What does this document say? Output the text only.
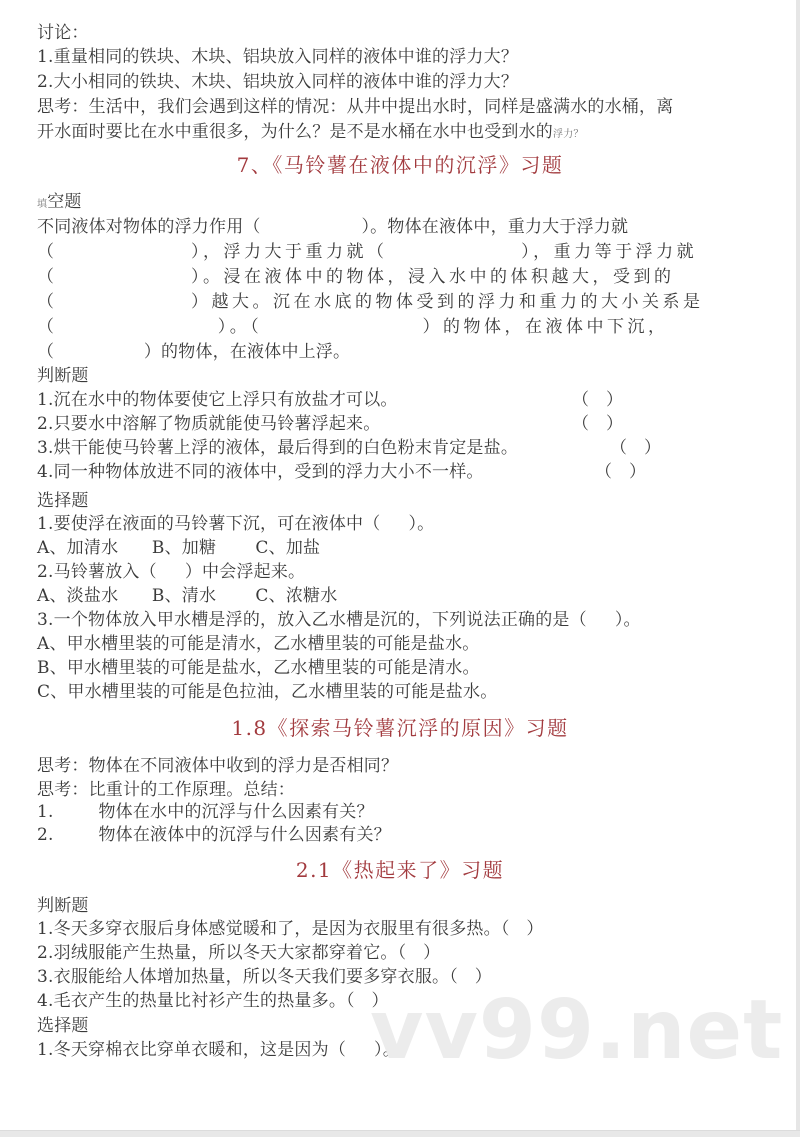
讨论：
1.重量相同的铁块、木块、铝块放入同样的液体中谁的浮力大？
2.大小相同的铁块、木块、铝块放入同样的液体中谁的浮力大？
思考：生活中，我们会遇到这样的情况：从井中提出水时，同样是盛满水的水桶，离
开水面时要比在水中重很多，为什么？是不是水桶在水中也受到水的浮力？
7、《马铃薯在液体中的沉浮》习题
填空题
不同液体对物体的浮力作用（                  ）。物体在液体中，重力大于浮力就
（               ），浮力大于重力就（               ），重力等于浮力就
（               ）。浸在液体中的物体，浸入水中的体积越大，受到的
（               ）越大。沉在水底的物体受到的浮力和重力的大小关系是
（                  ）。（                  ）的物体，在液体中下沉，
（                ）的物体，在液体中上浮。
判断题
1.沉在水中的物体要使它上浮只有放盐才可以。	（   ）
2.只要水中溶解了物质就能使马铃薯浮起来。	（   ）
3.烘干能使马铃薯上浮的液体，最后得到的白色粉末肯定是盐。	（   ）
4.同一种物体放进不同的液体中，受到的浮力大小不一样。	（   ）
选择题
1.要使浮在液面的马铃薯下沉，可在液体中（     ）。
A、加清水      B、加糖       C、加盐
2.马铃薯放入（     ）中会浮起来。
A、淡盐水      B、清水       C、浓糖水
3.一个物体放入甲水槽是浮的，放入乙水槽是沉的，下列说法正确的是（     ）。
A、甲水槽里装的可能是清水，乙水槽里装的可能是盐水。
B、甲水槽里装的可能是盐水，乙水槽里装的可能是清水。
C、甲水槽里装的可能是色拉油，乙水槽里装的可能是盐水。
1.8《探索马铃薯沉浮的原因》习题
思考：物体在不同液体中收到的浮力是否相同？
思考：比重计的工作原理。总结：
1.        物体在水中的沉浮与什么因素有关？
2.        物体在液体中的沉浮与什么因素有关？
2.1《热起来了》习题
判断题
1.冬天多穿衣服后身体感觉暖和了，是因为衣服里有很多热。（   ）
2.羽绒服能产生热量，所以冬天大家都穿着它。（   ）
3.衣服能给人体增加热量，所以冬天我们要多穿衣服。（   ）
4.毛衣产生的热量比衬衫产生的热量多。（   ）
选择题
1.冬天穿棉衣比穿单衣暖和，这是因为（     ）。
vv99.net
